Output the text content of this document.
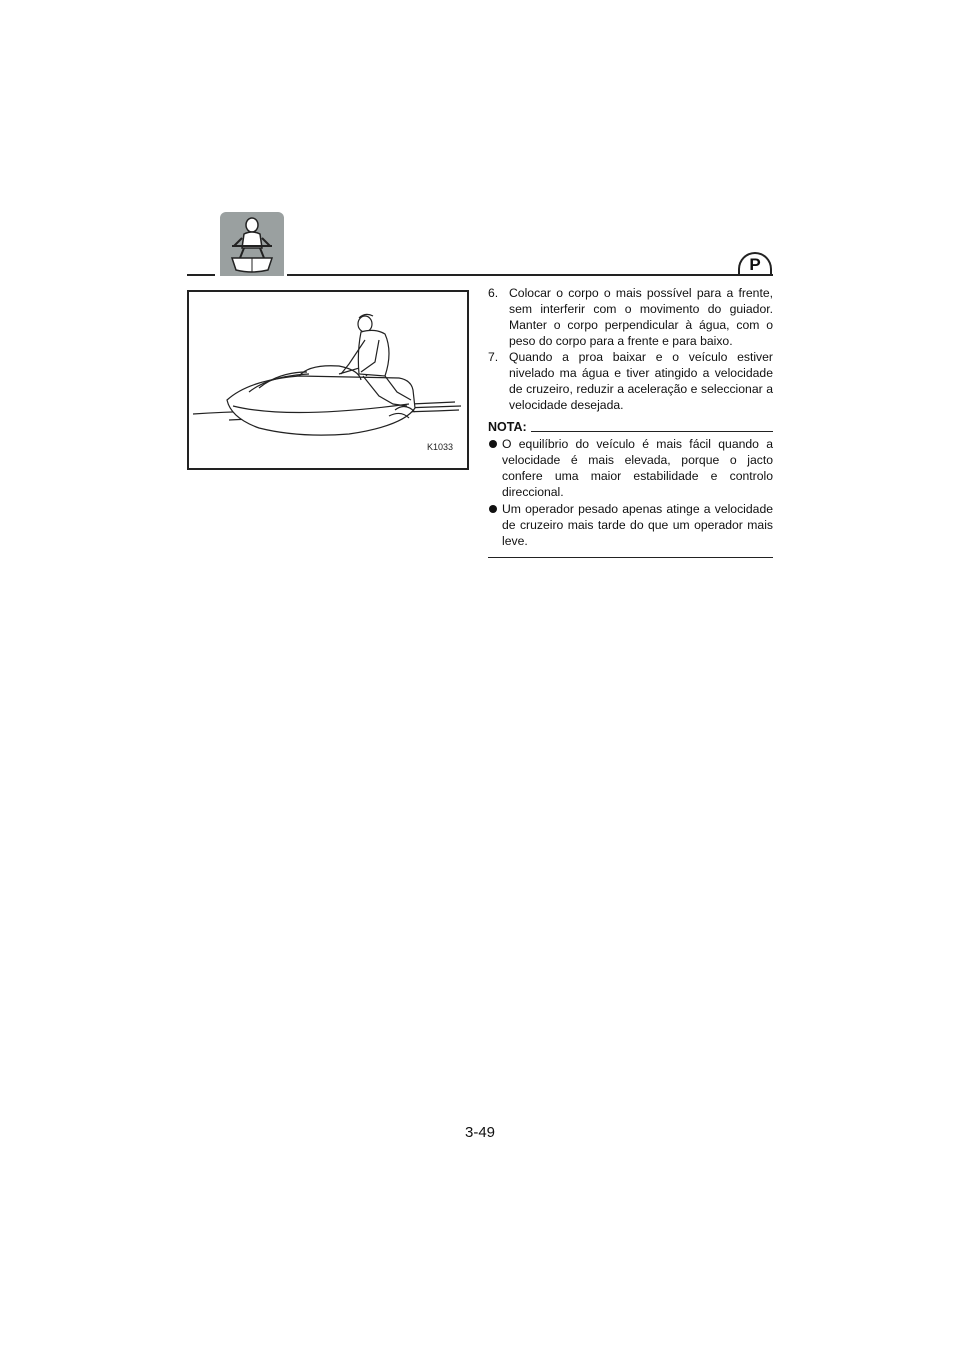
P
K1033

6. Colocar o corpo o mais possível para a frente, sem interferir com o movimento do guiador. Manter o corpo perpendicular à água, com o peso do corpo para a frente e para baixo.

7. Quando a proa baixar e o veículo estiver nivelado ma água e tiver atingido a velocidade de cruzeiro, reduzir a aceleração e seleccionar a velocidade desejada.

NOTA:
O equilíbrio do veículo é mais fácil quando a velocidade é mais elevada, porque o jacto confere uma maior estabilidade e controlo direccional.
Um operador pesado apenas atinge a velocidade de cruzeiro mais tarde do que um operador mais leve.
3-49
